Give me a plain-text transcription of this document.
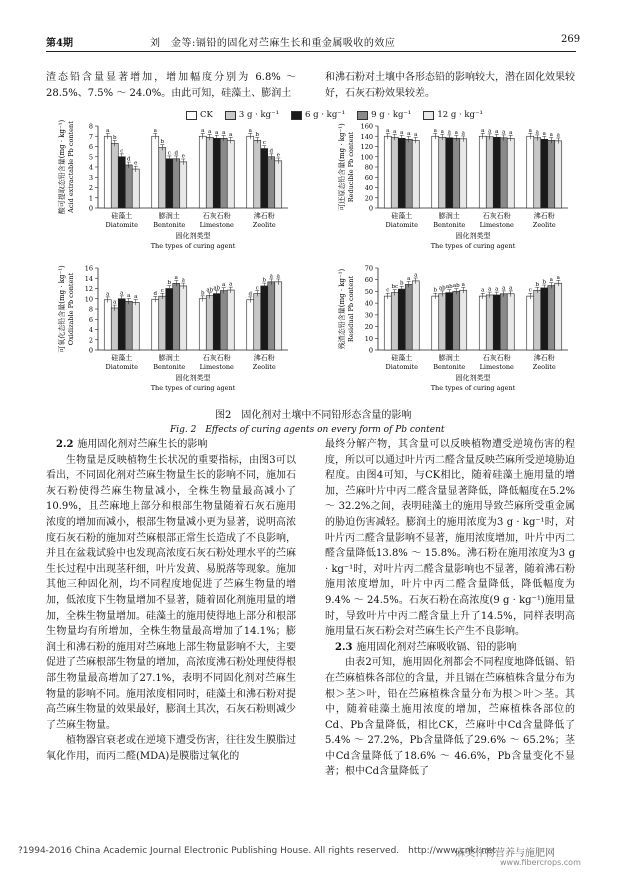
第4期	刘　金等:镉铅的固化对苎麻生长和重金属吸收的效应	269
渣态铅含量显著增加，增加幅度分别为 6.8% ～ 28.5%、7.5% ～ 24.0%。由此可知，硅藻土、膨润土
和沸石粉对土壤中各形态铅的影响较大，潜在固化效果较好，石灰石粉效果较差。
CK	3 g · kg⁻¹	6 g · kg⁻¹	9 g · kg⁻¹	12 g · kg⁻¹
0
1
2
3
4
5
6
7
8
酸可提取态铅含量(mg · kg⁻¹) Acid extractable Pb content	a
b
c
d
e
硅藻土
Diatomite
a
b
c d
e
膨润土
Bentonite
a a a a a
石灰石粉
Limestone
a
b
c
d
e
沸石粉
Zeolite
固化剂类型
The types of curing agent
0
20
40
60
80
100
120
140
160
可还原态铅含量(mg · kg⁻¹) Reducible Pb content
a a a a a
硅藻土
Diatomite
a a a a a
膨润土
Bentonite
a a a a a
石灰石粉
Limestone
a a a a a
沸石粉
Zeolite
固化剂类型
The types of curing agent
0
2
4
6
8
10
12
14
16
可氧化态铅含量(mg · kg⁻¹) Oxidizable Pb content	a
a
a a a
硅藻土
Diatomite
d
c
b
a a
膨润土
Bentonite
b
ab ab
a a
石灰石粉
Limestone
d
c
b
a a
沸石粉
Zeolite
固化剂类型
The types of curing agent
0
10
20
30
40
50
60
70
残渣态铅含量(mg · kg⁻¹) Residual Pb content	c
bc
b
a
a
硅藻土
Diatomite
b ab ab ab a
膨润土
Bentonite
a a a a a
石灰石粉
Limestone
c
b b a a
沸石粉
Zeolite
固化剂类型
The types of curing agent
图2　固化剂对土壤中不同铅形态含量的影响
Fig. 2　Effects of curing agents on every form of Pb content

2.2 施用固化剂对苎麻生长的影响

生物量是反映植物生长状况的重要指标，由图3可以看出，不同固化剂对苎麻生物量生长的影响不同，施加石灰石粉使得苎麻生物量减小，全株生物量最高减小了10.9%，且苎麻地上部分和根部生物量随着石灰石施用浓度的增加而减小，根部生物量减小更为显著，说明高浓度石灰石粉的施加对苎麻根部正常生长造成了不良影响，并且在盆栽试验中也发现高浓度石灰石粉处理水平的苎麻生长过程中出现茎秆细，叶片发黄、易脱落等现象。施加其他三种固化剂，均不同程度地促进了苎麻生物量的增加，低浓度下生物量增加不显著，随着固化剂施用量的增加，全株生物量增加。硅藻土的施用使得地上部分和根部生物量均有所增加，全株生物量最高增加了14.1%；膨润土和沸石粉的施用对苎麻地上部生物量影响不大，主要促进了苎麻根部生物量的增加，高浓度沸石粉处理使得根部生物量最高增加了27.1%，表明不同固化剂对苎麻生物量的影响不同。施用浓度相同时，硅藻土和沸石粉对提高苎麻生物量的效果最好，膨润土其次，石灰石粉则减少了苎麻生物量。

植物器官衰老或在逆境下遭受伤害，往往发生膜脂过氧化作用，而丙二醛(MDA)是膜脂过氧化的

最终分解产物，其含量可以反映植物遭受逆境伤害的程度，所以可以通过叶片丙二醛含量反映苎麻所受逆境胁迫程度。由图4可知，与CK相比，随着硅藻土施用量的增加，苎麻叶片中丙二醛含量显著降低，降低幅度在5.2% ～ 32.2%之间，表明硅藻土的施用导致苎麻所受重金属的胁迫伤害减轻。膨润土的施用浓度为3 g · kg⁻¹时，对叶片丙二醛含量影响不显著，施用浓度增加，叶片中丙二醛含量降低13.8% ～ 15.8%。沸石粉在施用浓度为3 g · kg⁻¹时，对叶片丙二醛含量影响也不显著，随着沸石粉施用浓度增加，叶片中丙二醛含量降低，降低幅度为9.4% ～ 24.5%。石灰石粉在高浓度(9 g · kg⁻¹)施用量时，导致叶片中丙二醛含量上升了14.5%，同样表明高施用量石灰石粉会对苎麻生长产生不良影响。

2.3 施用固化剂对苎麻吸收镉、铅的影响

由表2可知，施用固化剂都会不同程度地降低镉、铅在苎麻植株各部位的含量，并且镉在苎麻植株含量分布为根＞茎＞叶，铅在苎麻植株含量分布为根＞叶＞茎。其中，随着硅藻土施用浓度的增加，苎麻植株各部位的Cd、Pb含量降低，相比CK，苎麻叶中Cd含量降低了5.4% ～ 27.2%，Pb含量降低了29.6% ～ 65.2%；茎中Cd含量降低了18.6% ～ 46.6%，Pb含量变化不显著；根中Cd含量降低了

?1994-2016 China Academic Journal Electronic Publishing House. All rights reserved.　http://www.cnki.net
麻类作物营养与施肥网
www.fibercrops.com
